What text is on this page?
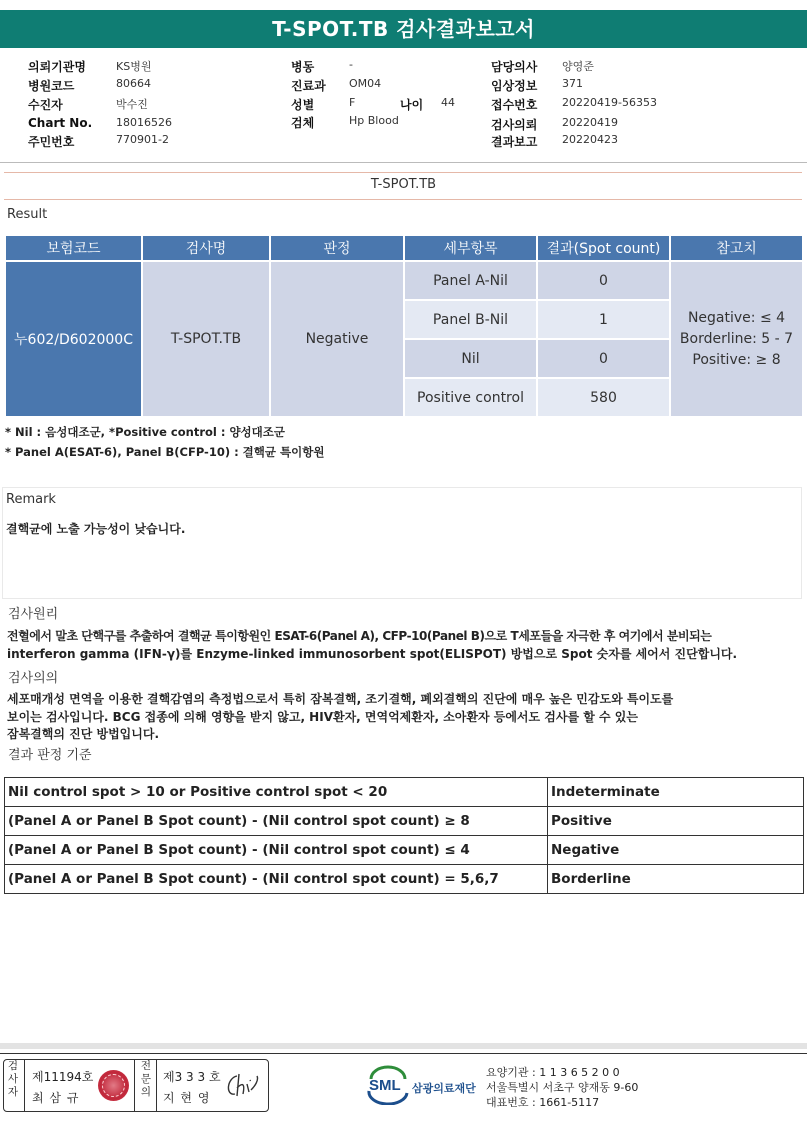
T-SPOT.TB 검사결과보고서
의뢰기관명	KS병원
병원코드	80664
수진자	박수진
Chart No. 18016526
주민번호	770901-2
병동	-
진료과 OM04
성별	F	나이 44
검체	Hp Blood
담당의사 양영준
임상정보 371
접수번호 20220419-56353
검사의뢰 20220419
결과보고 20220423
T-SPOT.TB
Result
보험코드	검사명	판정	세부항목	결과(Spot count)	참고치
누602/D602000C	T-SPOT.TB	Negative	Panel A-Nil	0	Negative: ≤ 4
Borderline: 5 - 7
Positive: ≥ 8

			Panel B-Nil	1	
			Nil	0	
			Positive control	580	
* Nil : 음성대조군, *Positive control : 양성대조군
* Panel A(ESAT-6), Panel B(CFP-10) : 결핵균 특이항원
Remark
결핵균에 노출 가능성이 낮습니다.
검사원리
전혈에서 말초 단핵구를 추출하여 결핵균 특이항원인 ESAT-6(Panel A), CFP-10(Panel B)으로 T세포들을 자극한 후 여기에서 분비되는
interferon gamma (IFN-γ)를 Enzyme-linked immunosorbent spot(ELISPOT) 방법으로 Spot 숫자를 세어서 진단합니다.
검사의의
세포매개성 면역을 이용한 결핵감염의 측정법으로서 특히 잠복결핵, 조기결핵, 폐외결핵의 진단에 매우 높은 민감도와 특이도를
보이는 검사입니다. BCG 접종에 의해 영향을 받지 않고, HIV환자, 면역억제환자, 소아환자 등에서도 검사를 할 수 있는
잠복결핵의 진단 방법입니다.
결과 판정 기준
Nil control spot > 10 or Positive control spot < 20	Indeterminate
(Panel A or Panel B Spot count) - (Nil control spot count) ≥ 8	Positive
(Panel A or Panel B Spot count) - (Nil control spot count) ≤ 4	Negative
(Panel A or Panel B Spot count) - (Nil control spot count) = 5,6,7	Borderline
검
사
자
제11194호
최 삼 규
전
문
의
제3 3 3 호
지 현 영
SML 삼광의료재단
요양기관 : 1 1 3 6 5 2 0 0
서울특별시 서초구 양재동 9-60
대표번호 : 1661-5117
